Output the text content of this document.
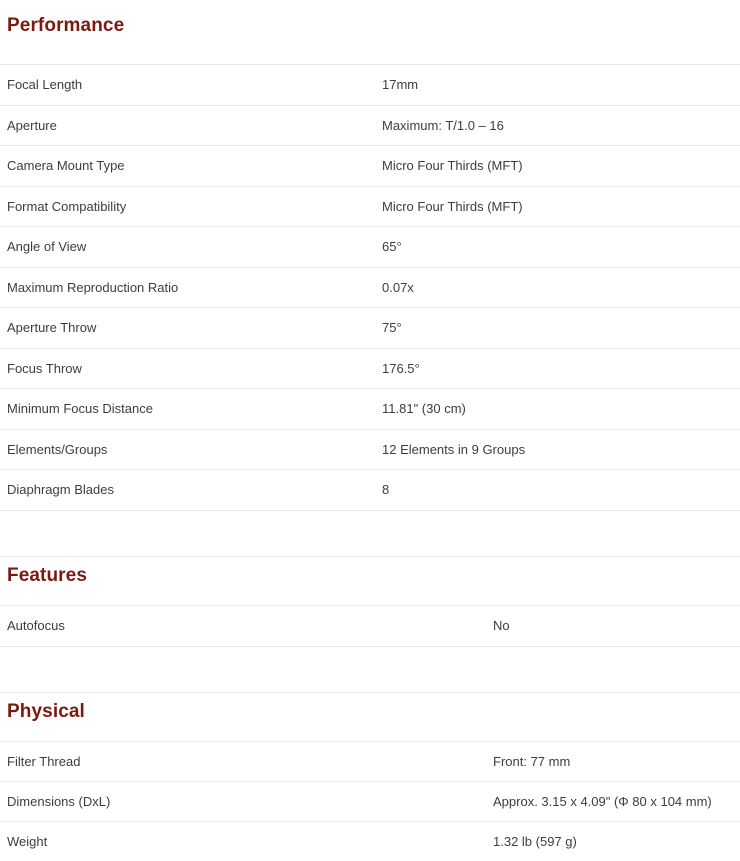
Performance
Focal Length	17mm
Aperture	Maximum: T/1.0 – 16
Camera Mount Type	Micro Four Thirds (MFT)
Format Compatibility	Micro Four Thirds (MFT)
Angle of View	65°
Maximum Reproduction Ratio	0.07x
Aperture Throw	75°
Focus Throw	176.5°
Minimum Focus Distance	11.81" (30 cm)
Elements/Groups	12 Elements in 9 Groups
Diaphragm Blades	8
Features
Autofocus	No
Physical
Filter Thread	Front: 77 mm
Dimensions (DxL)	Approx. 3.15 x 4.09" (Φ 80 x 104 mm)
Weight	1.32 lb (597 g)
